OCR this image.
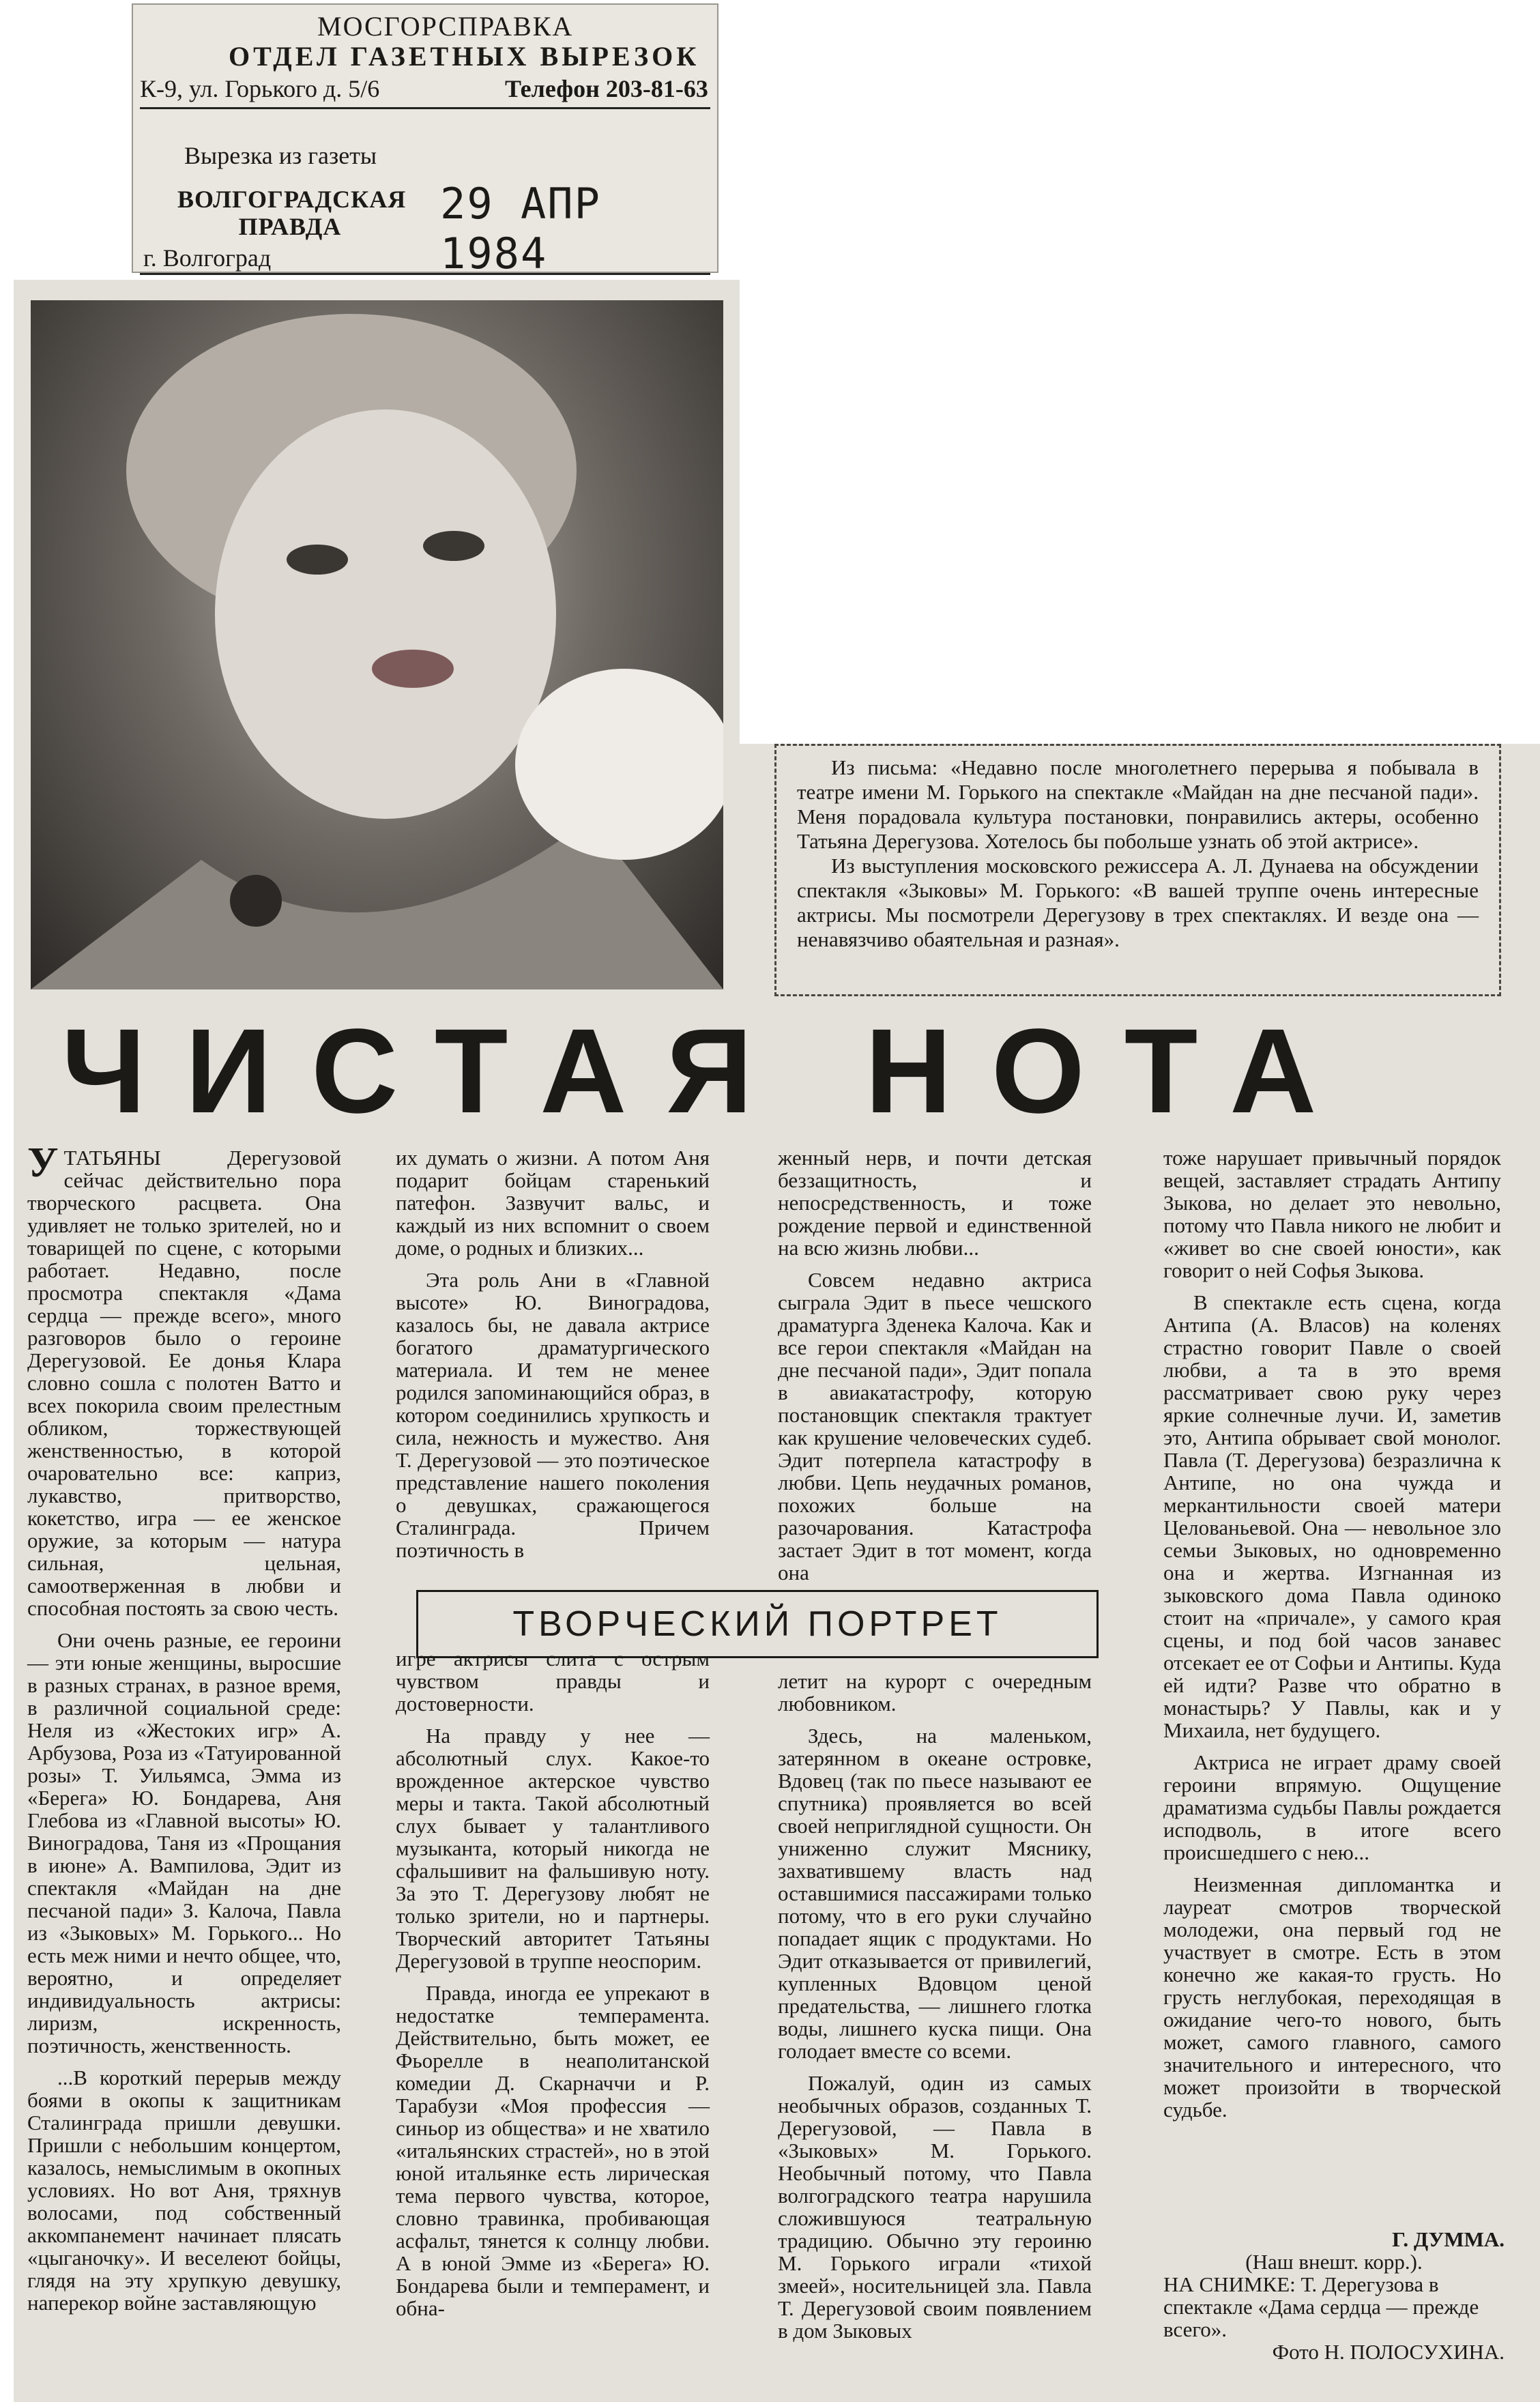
МОСГОРСПРАВКА
ОТДЕЛ ГАЗЕТНЫХ ВЫРЕЗОК
К-9, ул. Горького д. 5/6	Телефон 203-81-63
Вырезка из газеты
ВОЛГОГРАДСКАЯ ПРАВДА	29 АПР 1984
г. Волгоград

Из письма: «Недавно после многолетнего перерыва я побывала в театре имени М. Горького на спектакле «Майдан на дне песчаной пади». Меня порадовала культура постановки, понравились актеры, особенно Татьяна Дерегузова. Хотелось бы побольше узнать об этой актрисе».

Из выступления московского режиссера А. Л. Дунаева на обсуждении спектакля «Зыковы» М. Горького: «В вашей труппе очень интересные актрисы. Мы посмотрели Дерегузову в трех спектаклях. И везде она — ненавязчиво обаятельная и разная».

ЧИСТАЯ НОТА

УТАТЬЯНЫ Дерегузовой сейчас действительно пора творческого расцвета. Она удивляет не только зрителей, но и товарищей по сцене, с которыми работает. Недавно, после просмотра спектакля «Дама сердца — прежде всего», много разговоров было о героине Дерегузовой. Ее донья Клара словно сошла с полотен Ватто и всех покорила своим прелестным обликом, торжествующей женственностью, в которой очаровательно все: каприз, лукавство, притворство, кокетство, игра — ее женское оружие, за которым — натура сильная, цельная, самоотверженная в любви и способная постоять за свою честь.

Они очень разные, ее героини — эти юные женщины, выросшие в разных странах, в разное время, в различной социальной среде: Неля из «Жестоких игр» А. Арбузова, Роза из «Татуированной розы» Т. Уильямса, Эмма из «Берега» Ю. Бондарева, Аня Глебова из «Главной высоты» Ю. Виноградова, Таня из «Прощания в июне» А. Вампилова, Эдит из спектакля «Майдан на дне песчаной пади» З. Калоча, Павла из «Зыковых» М. Горького... Но есть меж ними и нечто общее, что, вероятно, и определяет индивидуальность актрисы: лиризм, искренность, поэтичность, женственность.

...В короткий перерыв между боями в окопы к защитникам Сталинграда пришли девушки. Пришли с небольшим концертом, казалось, немыслимым в окопных условиях. Но вот Аня, тряхнув волосами, под собственный аккомпанемент начинает плясать «цыганочку». И веселеют бойцы, глядя на эту хрупкую девушку, наперекор войне заставляющую

их думать о жизни. А потом Аня подарит бойцам старенький патефон. Зазвучит вальс, и каждый из них вспомнит о своем доме, о родных и близких...

Эта роль Ани в «Главной высоте» Ю. Виноградова, казалось бы, не давала актрисе богатого драматургического материала. И тем не менее родился запоминающийся образ, в котором соединились хрупкость и сила, нежность и мужество. Аня Т. Дерегузовой — это поэтическое представление нашего поколения о девушках, сражающегося Сталинграда. Причем поэтичность в

игре актрисы слита с острым чувством правды и достоверности.

На правду у нее — абсолютный слух. Какое-то врожденное актерское чувство меры и такта. Такой абсолютный слух бывает у талантливого музыканта, который никогда не сфальшивит на фальшивую ноту. За это Т. Дерегузову любят не только зрители, но и партнеры. Творческий авторитет Татьяны Дерегузовой в труппе неоспорим.

Правда, иногда ее упрекают в недостатке темперамента. Действительно, быть может, ее Фьорелле в неаполитанской комедии Д. Скарначчи и Р. Тарабузи «Моя профессия — синьор из общества» и не хватило «итальянских страстей», но в этой юной итальянке есть лирическая тема первого чувства, которое, словно травинка, пробивающая асфальт, тянется к солнцу любви. А в юной Эмме из «Берега» Ю. Бондарева были и темперамент, и обна-

женный нерв, и почти детская беззащитность, и непосредственность, и тоже рождение первой и единственной на всю жизнь любви...

Совсем недавно актриса сыграла Эдит в пьесе чешского драматурга Зденека Калоча. Как и все герои спектакля «Майдан на дне песчаной пади», Эдит попала в авиакатастрофу, которую постановщик спектакля трактует как крушение человеческих судеб. Эдит потерпела катастрофу в любви. Цепь неудачных романов, похожих больше на разочарования. Катастрофа застает Эдит в тот момент, когда она

летит на курорт с очередным любовником.

Здесь, на маленьком, затерянном в океане островке, Вдовец (так по пьесе называют ее спутника) проявляется во всей своей неприглядной сущности. Он униженно служит Мяснику, захватившему власть над оставшимися пассажирами только потому, что в его руки случайно попадает ящик с продуктами. Но Эдит отказывается от привилегий, купленных Вдовцом ценой предательства, — лишнего глотка воды, лишнего куска пищи. Она голодает вместе со всеми.

Пожалуй, один из самых необычных образов, созданных Т. Дерегузовой, — Павла в «Зыковых» М. Горького. Необычный потому, что Павла волгоградского театра нарушила сложившуюся театральную традицию. Обычно эту героиню М. Горького играли «тихой змеей», носительницей зла. Павла Т. Дерегузовой своим появлением в дом Зыковых

тоже нарушает привычный порядок вещей, заставляет страдать Антипу Зыкова, но делает это невольно, потому что Павла никого не любит и «живет во сне своей юности», как говорит о ней Софья Зыкова.

В спектакле есть сцена, когда Антипа (А. Власов) на коленях страстно говорит Павле о своей любви, а та в это время рассматривает свою руку через яркие солнечные лучи. И, заметив это, Антипа обрывает свой монолог. Павла (Т. Дерегузова) безразлична к Антипе, но она чужда и меркантильности своей матери Целованьевой. Она — невольное зло семьи Зыковых, но одновременно она и жертва. Изгнанная из зыковского дома Павла одиноко стоит на «причале», у самого края сцены, и под бой часов занавес отсекает ее от Софьи и Антипы. Куда ей идти? Разве что обратно в монастырь? У Павлы, как и у Михаила, нет будущего.

Актриса не играет драму своей героини впрямую. Ощущение драматизма судьбы Павлы рождается исподволь, в итоге всего происшедшего с нею...

Неизменная дипломантка и лауреат смотров творческой молодежи, она первый год не участвует в смотре. Есть в этом конечно же какая-то грусть. Но грусть неглубокая, переходящая в ожидание чего-то нового, быть может, самого главного, самого значительного и интересного, что может произойти в творческой судьбе.

ТВОРЧЕСКИЙ ПОРТРЕТ
Г. ДУММА.
(Наш внешт. корр.).
НА СНИМКЕ: Т. Дерегузова в спектакле «Дама сердца — прежде всего».
Фото Н. ПОЛОСУХИНА.
